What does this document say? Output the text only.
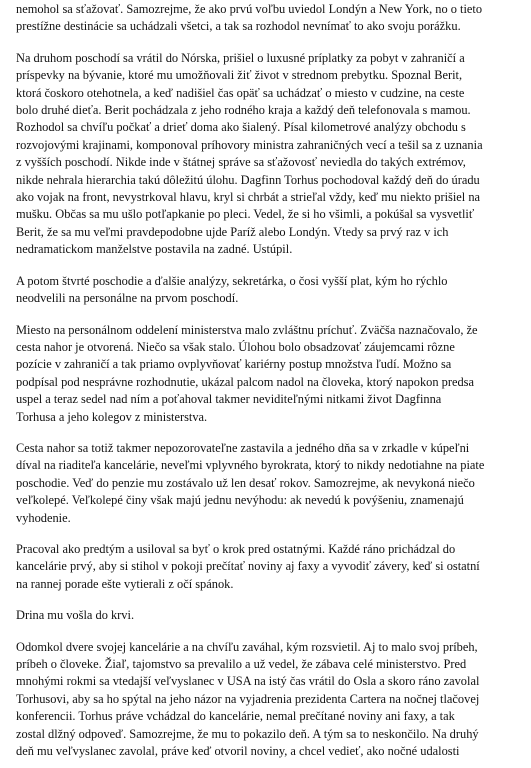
nemohol sa sťažovať. Samozrejme, že ako prvú voľbu uviedol Londýn a New York, no o tieto
prestížne destinácie sa uchádzali všetci, a tak sa rozhodol nevnímať to ako svoju porážku.
Na druhom poschodí sa vrátil do Nórska, prišiel o luxusné príplatky za pobyt v zahraničí a
príspevky na bývanie, ktoré mu umožňovali žiť život v strednom prebytku. Spoznal Berit,
ktorá čoskoro otehotnela, a keď nadišiel čas opäť sa uchádzať o miesto v cudzine, na ceste
bolo druhé dieťa. Berit pochádzala z jeho rodného kraja a každý deň telefonovala s mamou.
Rozhodol sa chvíľu počkať a drieť doma ako šialený. Písal kilometrové analýzy obchodu s
rozvojovými krajinami, komponoval príhovory ministra zahraničných vecí a tešil sa z uznania
z vyšších poschodí. Nikde inde v štátnej správe sa sťažovosť neviedla do takých extrémov,
nikde nehrala hierarchia takú dôležitú úlohu. Dagfinn Torhus pochodoval každý deň do úradu
ako vojak na front, nevystrkoval hlavu, kryl si chrbát a strieľal vždy, keď mu niekto prišiel na
mušku. Občas sa mu ušlo potľapkanie po pleci. Vedel, že si ho všimli, a pokúšal sa vysvetliť
Berit, že sa mu veľmi pravdepodobne ujde Paríž alebo Londýn. Vtedy sa prvý raz v ich
nedramatickom manželstve postavila na zadné. Ustúpil.
A potom štvrté poschodie a ďalšie analýzy, sekretárka, o čosi vyšší plat, kým ho rýchlo
neodvelili na personálne na prvom poschodí.
Miesto na personálnom oddelení ministerstva malo zvláštnu príchuť. Zväčša naznačovalo, že
cesta nahor je otvorená. Niečo sa však stalo. Úlohou bolo obsadzovať záujemcami rôzne
pozície v zahraničí a tak priamo ovplyvňovať kariérny postup množstva ľudí. Možno sa
podpísal pod nesprávne rozhodnutie, ukázal palcom nadol na človeka, ktorý napokon predsa
uspel a teraz sedel nad ním a poťahoval takmer neviditeľnými nitkami život Dagfinna
Torhusa a jeho kolegov z ministerstva.
Cesta nahor sa totiž takmer nepozorovateľne zastavila a jedného dňa sa v zrkadle v kúpeľni
díval na riaditeľa kancelárie, neveľmi vplyvného byrokrata, ktorý to nikdy nedotiahne na piate
poschodie. Veď do penzie mu zostávalo už len desať rokov. Samozrejme, ak nevykoná niečo
veľkolepé. Veľkolepé činy však majú jednu nevýhodu: ak nevedú k povýšeniu, znamenajú
vyhodenie.
Pracoval ako predtým a usiloval sa byť o krok pred ostatnými. Každé ráno prichádzal do
kancelárie prvý, aby si stihol v pokoji prečítať noviny aj faxy a vyvodiť závery, keď si ostatní
na rannej porade ešte vytierali z očí spánok.
Drina mu vošla do krvi.
Odomkol dvere svojej kancelárie a na chvíľu zaváhal, kým rozsvietil. Aj to malo svoj príbeh,
príbeh o človeke. Žiaľ, tajomstvo sa prevalilo a už vedel, že zábava celé ministerstvo. Pred
mnohými rokmi sa vtedajší veľvyslanec v USA na istý čas vrátil do Osla a skoro ráno zavolal
Torhusovi, aby sa ho spýtal na jeho názor na vyjadrenia prezidenta Cartera na nočnej tlačovej
konferencii. Torhus práve vchádzal do kancelárie, nemal prečítané noviny ani faxy, a tak
zostal dlžný odpoveď. Samozrejme, že mu to pokazilo deň. A tým sa to neskončilo. Na druhý
deň mu veľvyslanec zavolal, práve keď otvoril noviny, a chcel vedieť, ako nočné udalosti
